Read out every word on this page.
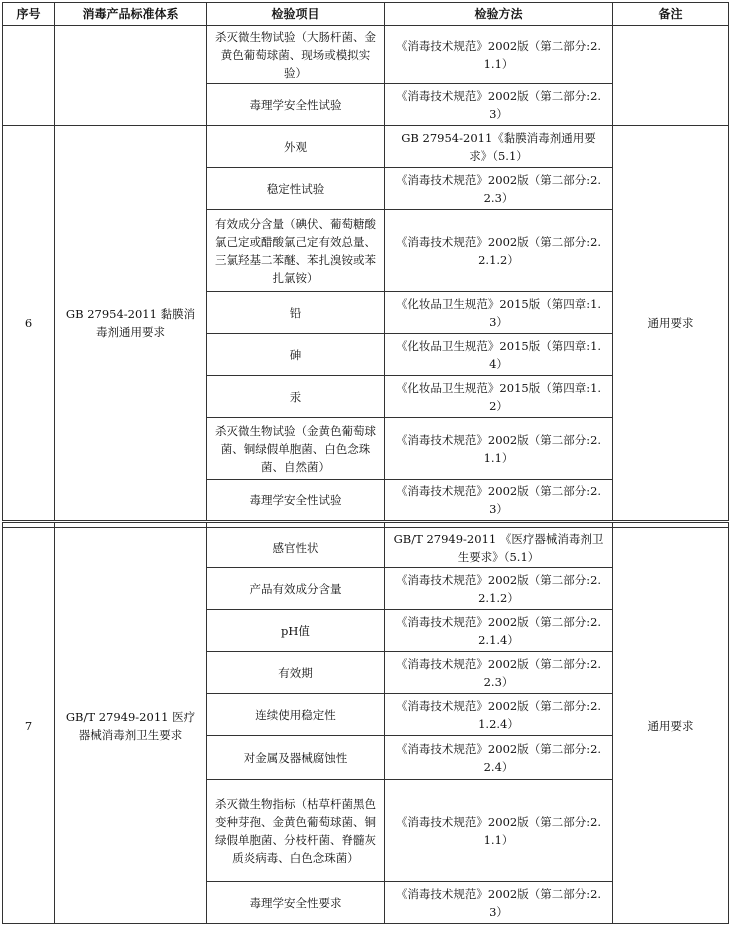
序号	消毒产品标准体系	检验项目	检验方法	备注
		杀灭微生物试验（大肠杆菌、金黄色葡萄球菌、现场或模拟实验）	《消毒技术规范》2002版（第二部分:2.1.1）	
		毒理学安全性试验	《消毒技术规范》2002版（第二部分:2.3）	
6	GB 27954-2011 黏膜消毒剂通用要求	外观	GB 27954-2011《黏膜消毒剂通用要求》（5.1）	通用要求
		稳定性试验	《消毒技术规范》2002版（第二部分:2.2.3）	
		有效成分含量（碘伏、葡萄糖酸氯己定或醋酸氯己定有效总量、三氯羟基二苯醚、苯扎溴铵或苯扎氯铵）	《消毒技术规范》2002版（第二部分:2.2.1.2）	
		铅	《化妆品卫生规范》2015版（第四章:1.3）	
		砷	《化妆品卫生规范》2015版（第四章:1.4）	
		汞	《化妆品卫生规范》2015版（第四章:1.2）	
		杀灭微生物试验（金黄色葡萄球菌、铜绿假单胞菌、白色念珠菌、自然菌）	《消毒技术规范》2002版（第二部分:2.1.1）	
		毒理学安全性试验	《消毒技术规范》2002版（第二部分:2.3）	

7	GB/T 27949-2011 医疗器械消毒剂卫生要求	感官性状	GB/T 27949-2011 《医疗器械消毒剂卫生要求》（5.1）	通用要求
		产品有效成分含量	《消毒技术规范》2002版（第二部分:2.2.1.2）	
		pH值	《消毒技术规范》2002版（第二部分:2.2.1.4）	
		有效期	《消毒技术规范》2002版（第二部分:2.2.3）	
		连续使用稳定性	《消毒技术规范》2002版（第二部分:2.1.2.4）	
		对金属及器械腐蚀性	《消毒技术规范》2002版（第二部分:2.2.4）	
		杀灭微生物指标（枯草杆菌黑色变种芽孢、金黄色葡萄球菌、铜绿假单胞菌、分枝杆菌、脊髓灰质炎病毒、白色念珠菌）	《消毒技术规范》2002版（第二部分:2.1.1）	
		毒理学安全性要求	《消毒技术规范》2002版（第二部分:2.3）	
